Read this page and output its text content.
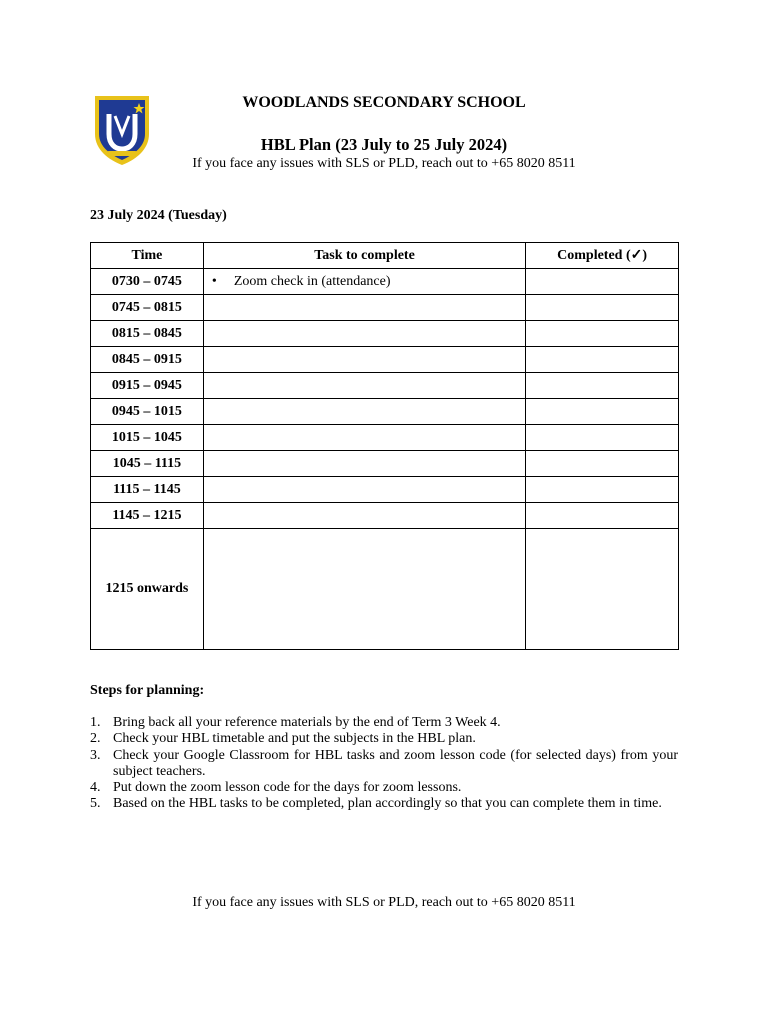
WOODLANDS SECONDARY SCHOOL
HBL Plan (23 July to 25 July 2024)
If you face any issues with SLS or PLD, reach out to +65 8020 8511
23 July 2024 (Tuesday)
Time	Task to complete	Completed (✓)
0730 – 0745	• Zoom check in (attendance)	
0745 – 0815		
0815 – 0845		
0845 – 0915		
0915 – 0945		
0945 – 1015		
1015 – 1045		
1045 – 1115		
1115 – 1145		
1145 – 1215		
1215 onwards		
Steps for planning:
1. Bring back all your reference materials by the end of Term 3 Week 4.
2. Check your HBL timetable and put the subjects in the HBL plan.
3. Check your Google Classroom for HBL tasks and zoom lesson code (for selected days) from your subject teachers.
4. Put down the zoom lesson code for the days for zoom lessons.
5. Based on the HBL tasks to be completed, plan accordingly so that you can complete them in time.
If you face any issues with SLS or PLD, reach out to +65 8020 8511
